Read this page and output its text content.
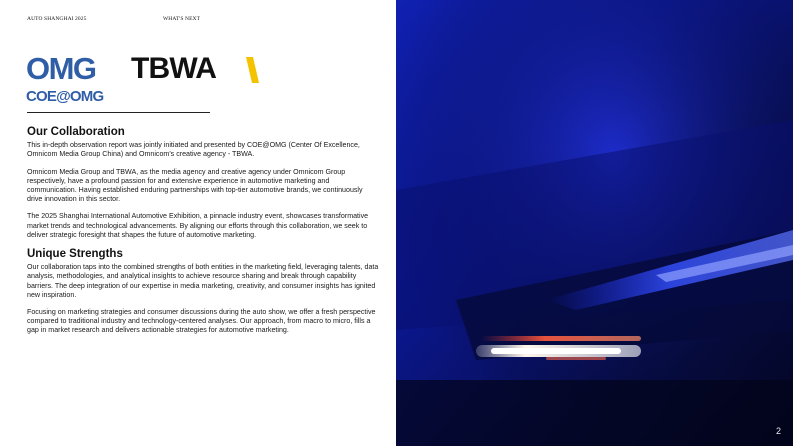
AUTO SHANGHAI 2025	WHAT'S NEXT
OMG
COE@OMG
TBWA
Our Collaboration

This in-depth observation report was jointly initiated and presented by COE@OMG (Center Of Excellence, Omnicom Media Group China) and Omnicom's creative agency - TBWA.

Omnicom Media Group and TBWA, as the media agency and creative agency under Omnicom Group respectively, have a profound passion for and extensive experience in automotive marketing and communication. Having established enduring partnerships with top-tier automotive brands, we continuously drive innovation in this sector.

The 2025 Shanghai International Automotive Exhibition, a pinnacle industry event, showcases transformative market trends and technological advancements. By aligning our efforts through this collaboration, we seek to deliver strategic foresight that shapes the future of automotive marketing.

Unique Strengths

Our collaboration taps into the combined strengths of both entities in the marketing field, leveraging talents, data analysis, methodologies, and analytical insights to achieve resource sharing and break through capability barriers. The deep integration of our expertise in media marketing, creativity, and consumer insights has ignited new inspiration.

Focusing on marketing strategies and consumer discussions during the auto show, we offer a fresh perspective compared to traditional industry and technology-centered analyses. Our approach, from macro to micro, fills a gap in market research and delivers actionable strategies for automotive marketing.

2
